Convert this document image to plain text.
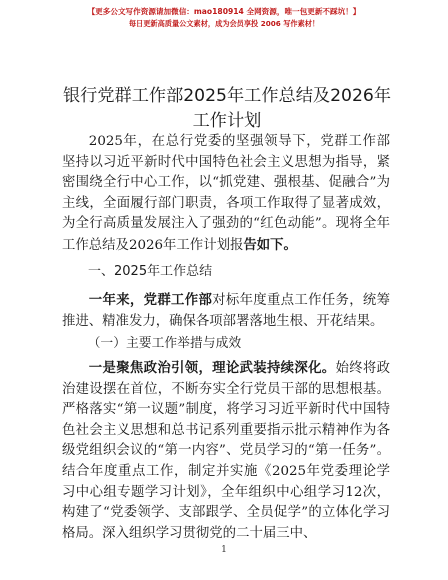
【更多公文写作资源请加微信：mao180914 全网资源，唯一包更新不踩坑！】
每日更新高质量公文素材，成为会员享投 2006 写作素材！
银行党群工作部2025年工作总结及2026年工作计划
2025年，在总行党委的坚强领导下，党群工作部坚持以习近平新时代中国特色社会主义思想为指导，紧密围绕全行中心工作，以“抓党建、强根基、促融合”为主线，全面履行部门职责，各项工作取得了显著成效，为全行高质量发展注入了强劲的“红色动能”。现将全年工作总结及2026年工作计划报告如下。
一、2025年工作总结
一年来，党群工作部对标年度重点工作任务，统筹推进、精准发力，确保各项部署落地生根、开花结果。
（一）主要工作举措与成效
一是聚焦政治引领，理论武装持续深化。始终将政治建设摆在首位，不断夯实全行党员干部的思想根基。严格落实“第一议题”制度，将学习习近平新时代中国特色社会主义思想和总书记系列重要指示批示精神作为各级党组织会议的“第一内容”、党员学习的“第一任务”。结合年度重点工作，制定并实施《2025年党委理论学习中心组专题学习计划》，全年组织中心组学习12次，构建了“党委领学、支部跟学、全员促学”的立体化学习格局。深入组织学习贯彻党的二十届三中、
1
